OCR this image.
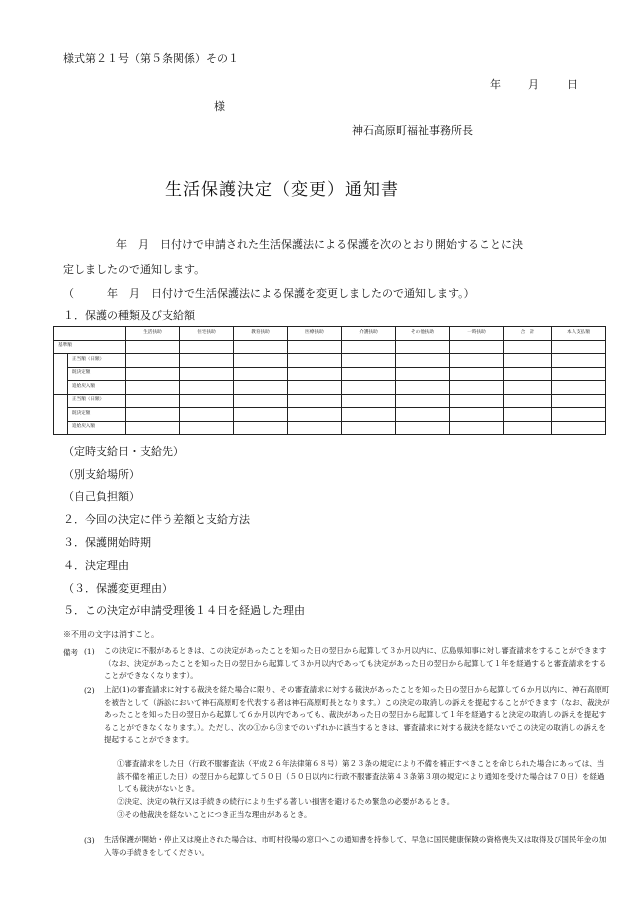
様式第２１号（第５条関係）その１
年 月	日
様
神石高原町福祉事務所長
生活保護決定（変更）通知書
年　月　日付けで申請された生活保護法による保護を次のとおり開始することに決
定しましたので通知します。
（　　　年　月　日付けで生活保護法による保護を変更しましたので通知します。）
１．保護の種類及び支給額
		生活扶助	住宅扶助	教育扶助	医療扶助	介護扶助	その他扶助	一時扶助	合　計	本人支払額
基準額										
	正当額（日額）									
	既決定額									
	追給戻入額									
	正当額（日額）									
	既決定額									
	追給戻入額									
（定時支給日・支給先）
（別支給場所）
（自己負担額）
２．今回の決定に伴う差額と支給方法
３．保護開始時期
４．決定理由
（３．保護変更理由）
５．この決定が申請受理後１４日を経過した理由
※不用の文字は消すこと。
備考 (1) この決定に不服があるときは、この決定があったことを知った日の翌日から起算して３か月以内に、広島県知事に対し審査請求をすることができます（なお、決定があったことを知った日の翌日から起算して３か月以内であっても決定があった日の翌日から起算して１年を経過すると審査請求をすることができなくなります）。
(2) 上記(1)の審査請求に対する裁決を経た場合に限り、その審査請求に対する裁決があったことを知った日の翌日から起算して６か月以内に、神石高原町を被告として（訴訟において神石高原町を代表する者は神石高原町長となります。）この決定の取消しの訴えを提起することができます（なお、裁決があったことを知った日の翌日から起算して６か月以内であっても、裁決があった日の翌日から起算して１年を経過すると決定の取消しの訴えを提起することができなくなります。）。ただし、次の①から③までのいずれかに該当するときは、審査請求に対する裁決を経ないでこの決定の取消しの訴えを提起することができます。
①審査請求をした日（行政不服審査法（平成２６年法律第６８号）第２３条の規定により不備を補正すべきことを命じられた場合にあっては、当該不備を補正した日）の翌日から起算して５０日（５０日以内に行政不服審査法第４３条第３項の規定により通知を受けた場合は７０日）を経過しても裁決がないとき。
②決定、決定の執行又は手続きの続行により生ずる著しい損害を避けるため緊急の必要があるとき。
③その他裁決を経ないことにつき正当な理由があるとき。
(3) 生活保護が開始・停止又は廃止された場合は、市町村役場の窓口へこの通知書を持参して、早急に国民健康保険の資格喪失又は取得及び国民年金の加入等の手続きをしてください。
